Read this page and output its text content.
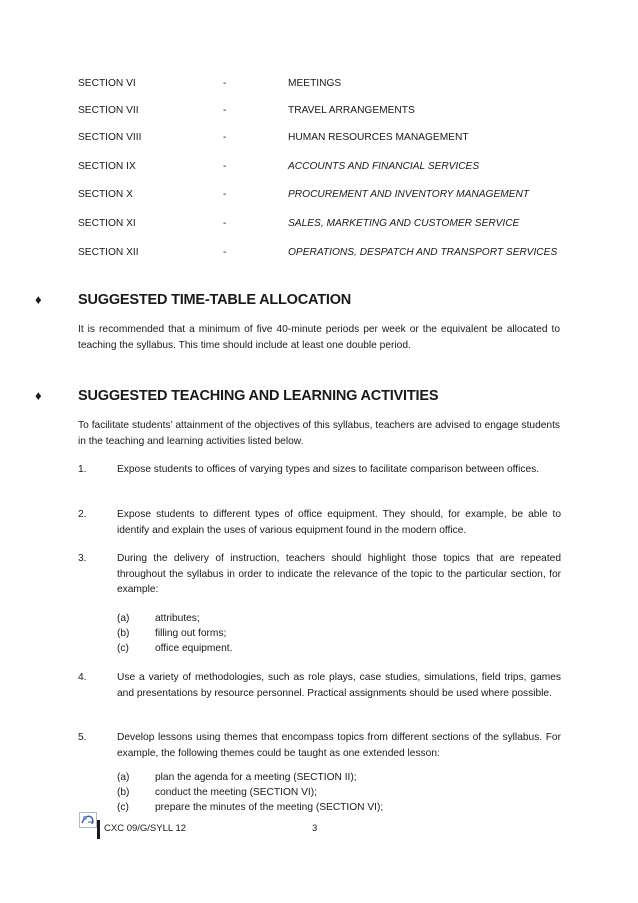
SECTION VI	-	MEETINGS
SECTION VII	-	TRAVEL ARRANGEMENTS
SECTION VIII	-	HUMAN RESOURCES MANAGEMENT
SECTION IX	-	ACCOUNTS AND FINANCIAL SERVICES
SECTION X	-	PROCUREMENT AND INVENTORY MANAGEMENT
SECTION XI	-	SALES, MARKETING AND CUSTOMER SERVICE
SECTION XII	-	OPERATIONS, DESPATCH AND TRANSPORT SERVICES
♦	SUGGESTED TIME-TABLE ALLOCATION
It is recommended that a minimum of five 40-minute periods per week or the equivalent be allocated to teaching the syllabus. This time should include at least one double period.
♦	SUGGESTED TEACHING AND LEARNING ACTIVITIES
To facilitate students’ attainment of the objectives of this syllabus, teachers are advised to engage students in the teaching and learning activities listed below.
1.	Expose students to offices of varying types and sizes to facilitate comparison between offices.
2.	Expose students to different types of office equipment. They should, for example, be able to identify and explain the uses of various equipment found in the modern office.
3.	During the delivery of instruction, teachers should highlight those topics that are repeated throughout the syllabus in order to indicate the relevance of the topic to the particular section, for example:
(a)	attributes;
(b)	filling out forms;
(c)	office equipment.
4.	Use a variety of methodologies, such as role plays, case studies, simulations, field trips, games and presentations by resource personnel. Practical assignments should be used where possible.
5.	Develop lessons using themes that encompass topics from different sections of the syllabus. For example, the following themes could be taught as one extended lesson:
(a)	plan the agenda for a meeting (SECTION II);
(b)	conduct the meeting (SECTION VI);
(c)	prepare the minutes of the meeting (SECTION VI);
CXC 09/G/SYLL 12	3
